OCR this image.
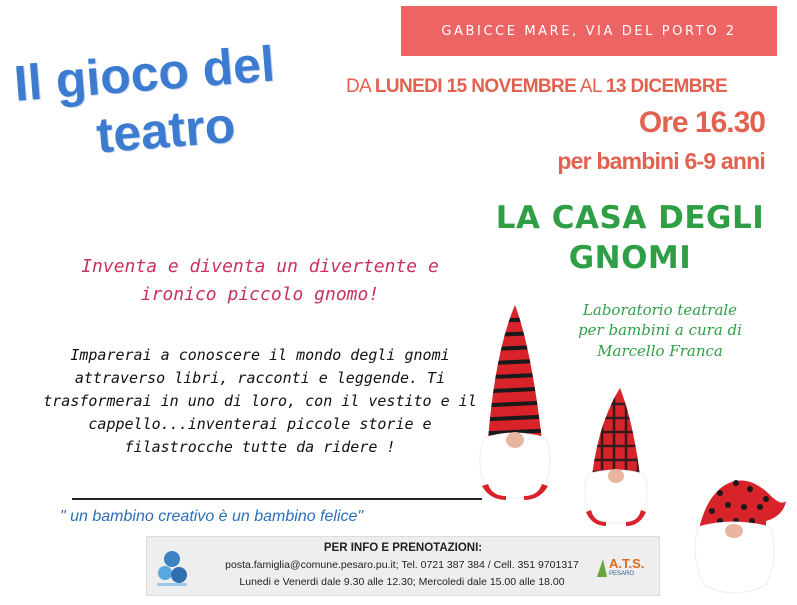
GABICCE MARE, VIA DEL PORTO 2
Il gioco del
teatro
DA LUNEDI 15 NOVEMBRE AL 13 DICEMBRE
Ore 16.30
per bambini 6-9 anni
LA CASA DEGLI
GNOMI
Laboratorio teatrale
per bambini a cura di
Marcello Franca
Inventa e diventa un divertente e
ironico piccolo gnomo!
Imparerai a conoscere il mondo degli gnomi
attraverso libri, racconti e leggende. Ti
trasformerai in uno di loro, con il vestito e il
cappello...inventerai piccole storie e
filastrocche tutte da ridere !
" un bambino creativo è un bambino felice"
PER INFO E PRENOTAZIONI:
posta.famiglia@comune.pesaro.pu.it; Tel. 0721 387 384 / Cell. 351 9701317
Lunedi e Venerdi dale 9.30 alle 12.30; Mercoledi dale 15.00 alle 18.00
A.T.S.
PESARO
